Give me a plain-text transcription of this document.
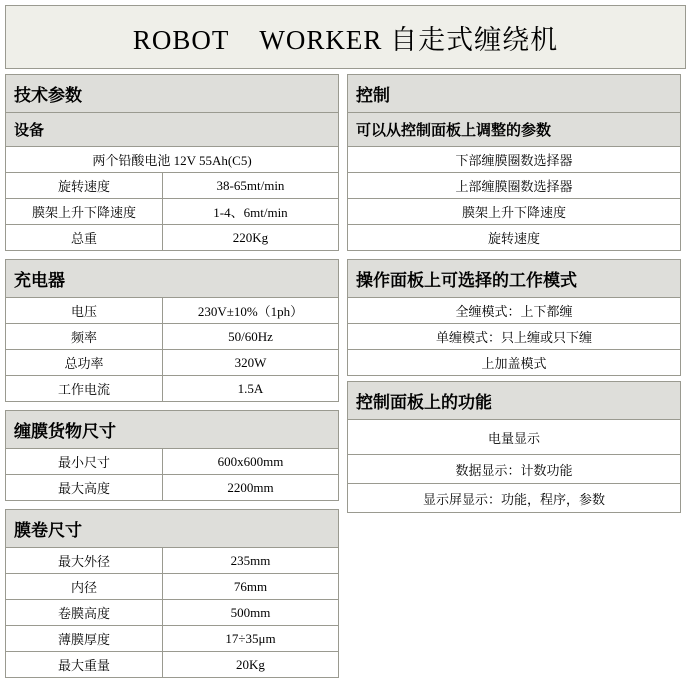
ROBOT    WORKER 自走式缠绕机
技术参数
设备
两个铅酸电池 12V 55Ah(C5)
旋转速度	38-65mt/min
膜架上升下降速度	1-4、6mt/min
总重	220Kg
充电器
电压	230V±10%（1ph）
频率	50/60Hz
总功率	320W
工作电流	1.5A
缠膜货物尺寸
最小尺寸	600x600mm
最大高度	2200mm
膜卷尺寸
最大外径	235mm
内径	76mm
卷膜高度	500mm
薄膜厚度	17÷35μm
最大重量	20Kg
控制
可以从控制面板上调整的参数
下部缠膜圈数选择器
上部缠膜圈数选择器
膜架上升下降速度
旋转速度
操作面板上可选择的工作模式
全缠模式：上下都缠
单缠模式：只上缠或只下缠
上加盖模式
控制面板上的功能
电量显示
数据显示：计数功能
显示屏显示：功能，程序，参数
